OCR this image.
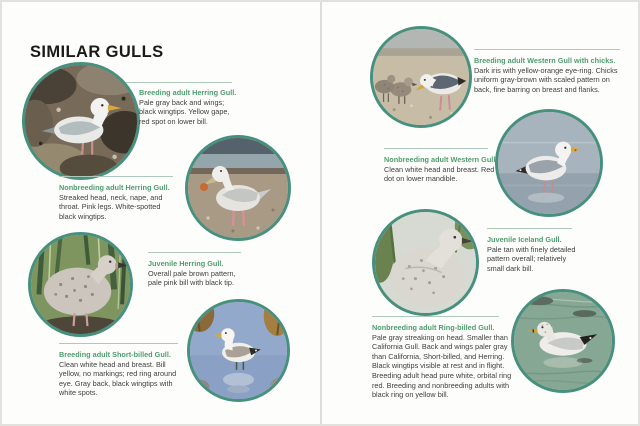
SIMILAR GULLS
Breeding adult Herring Gull.
Pale gray back and wings; black wingtips. Yellow gape, red spot on lower bill.
Nonbreeding adult Herring Gull.
Streaked head, neck, nape, and throat. Pink legs. White-spotted black wingtips.
Juvenile Herring Gull.
Overall pale brown pattern, pale pink bill with black tip.
Breeding adult Short-billed Gull.
Clean white head and breast. Bill yellow, no markings; red ring around eye. Gray back, black wingtips with white spots.
Breeding adult Western Gull with chicks.
Dark iris with yellow-orange eye-ring. Chicks uniform gray-brown with scaled pattern on back, fine barring on breast and flanks.
Nonbreeding adult Western Gull.
Clean white head and breast. Red dot on lower mandible.
Juvenile Iceland Gull.
Pale tan with finely detailed pattern overall; relatively small dark bill.
Nonbreeding adult Ring-billed Gull.
Pale gray streaking on head. Smaller than California Gull. Back and wings paler gray than California, Short-billed, and Herring. Black wingtips visible at rest and in flight. Breeding adult head pure white, orbital ring red. Breeding and nonbreeding adults with black ring on yellow bill.
